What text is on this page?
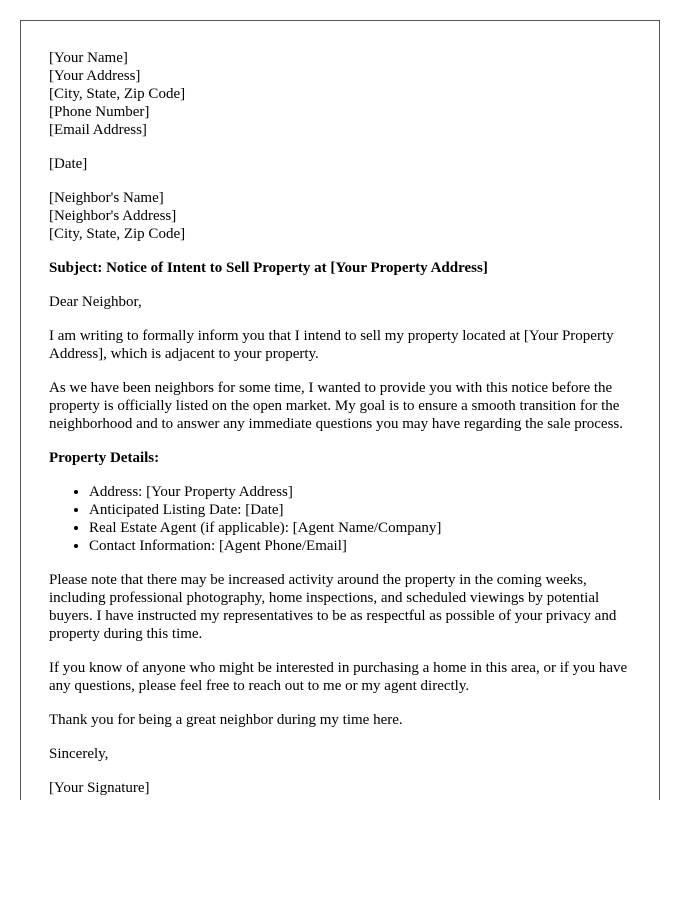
[Your Name]
[Your Address]
[City, State, Zip Code]
[Phone Number]
[Email Address]
[Date]
[Neighbor's Name]
[Neighbor's Address]
[City, State, Zip Code]

Subject: Notice of Intent to Sell Property at [Your Property Address]

Dear Neighbor,

I am writing to formally inform you that I intend to sell my property located at [Your Property Address], which is adjacent to your property.

As we have been neighbors for some time, I wanted to provide you with this notice before the property is officially listed on the open market. My goal is to ensure a smooth transition for the neighborhood and to answer any immediate questions you may have regarding the sale process.

Property Details:

• Address: [Your Property Address]
• Anticipated Listing Date: [Date]
• Real Estate Agent (if applicable): [Agent Name/Company]
• Contact Information: [Agent Phone/Email]

Please note that there may be increased activity around the property in the coming weeks, including professional photography, home inspections, and scheduled viewings by potential buyers. I have instructed my representatives to be as respectful as possible of your privacy and property during this time.

If you know of anyone who might be interested in purchasing a home in this area, or if you have any questions, please feel free to reach out to me or my agent directly.

Thank you for being a great neighbor during my time here.

Sincerely,

[Your Signature]
